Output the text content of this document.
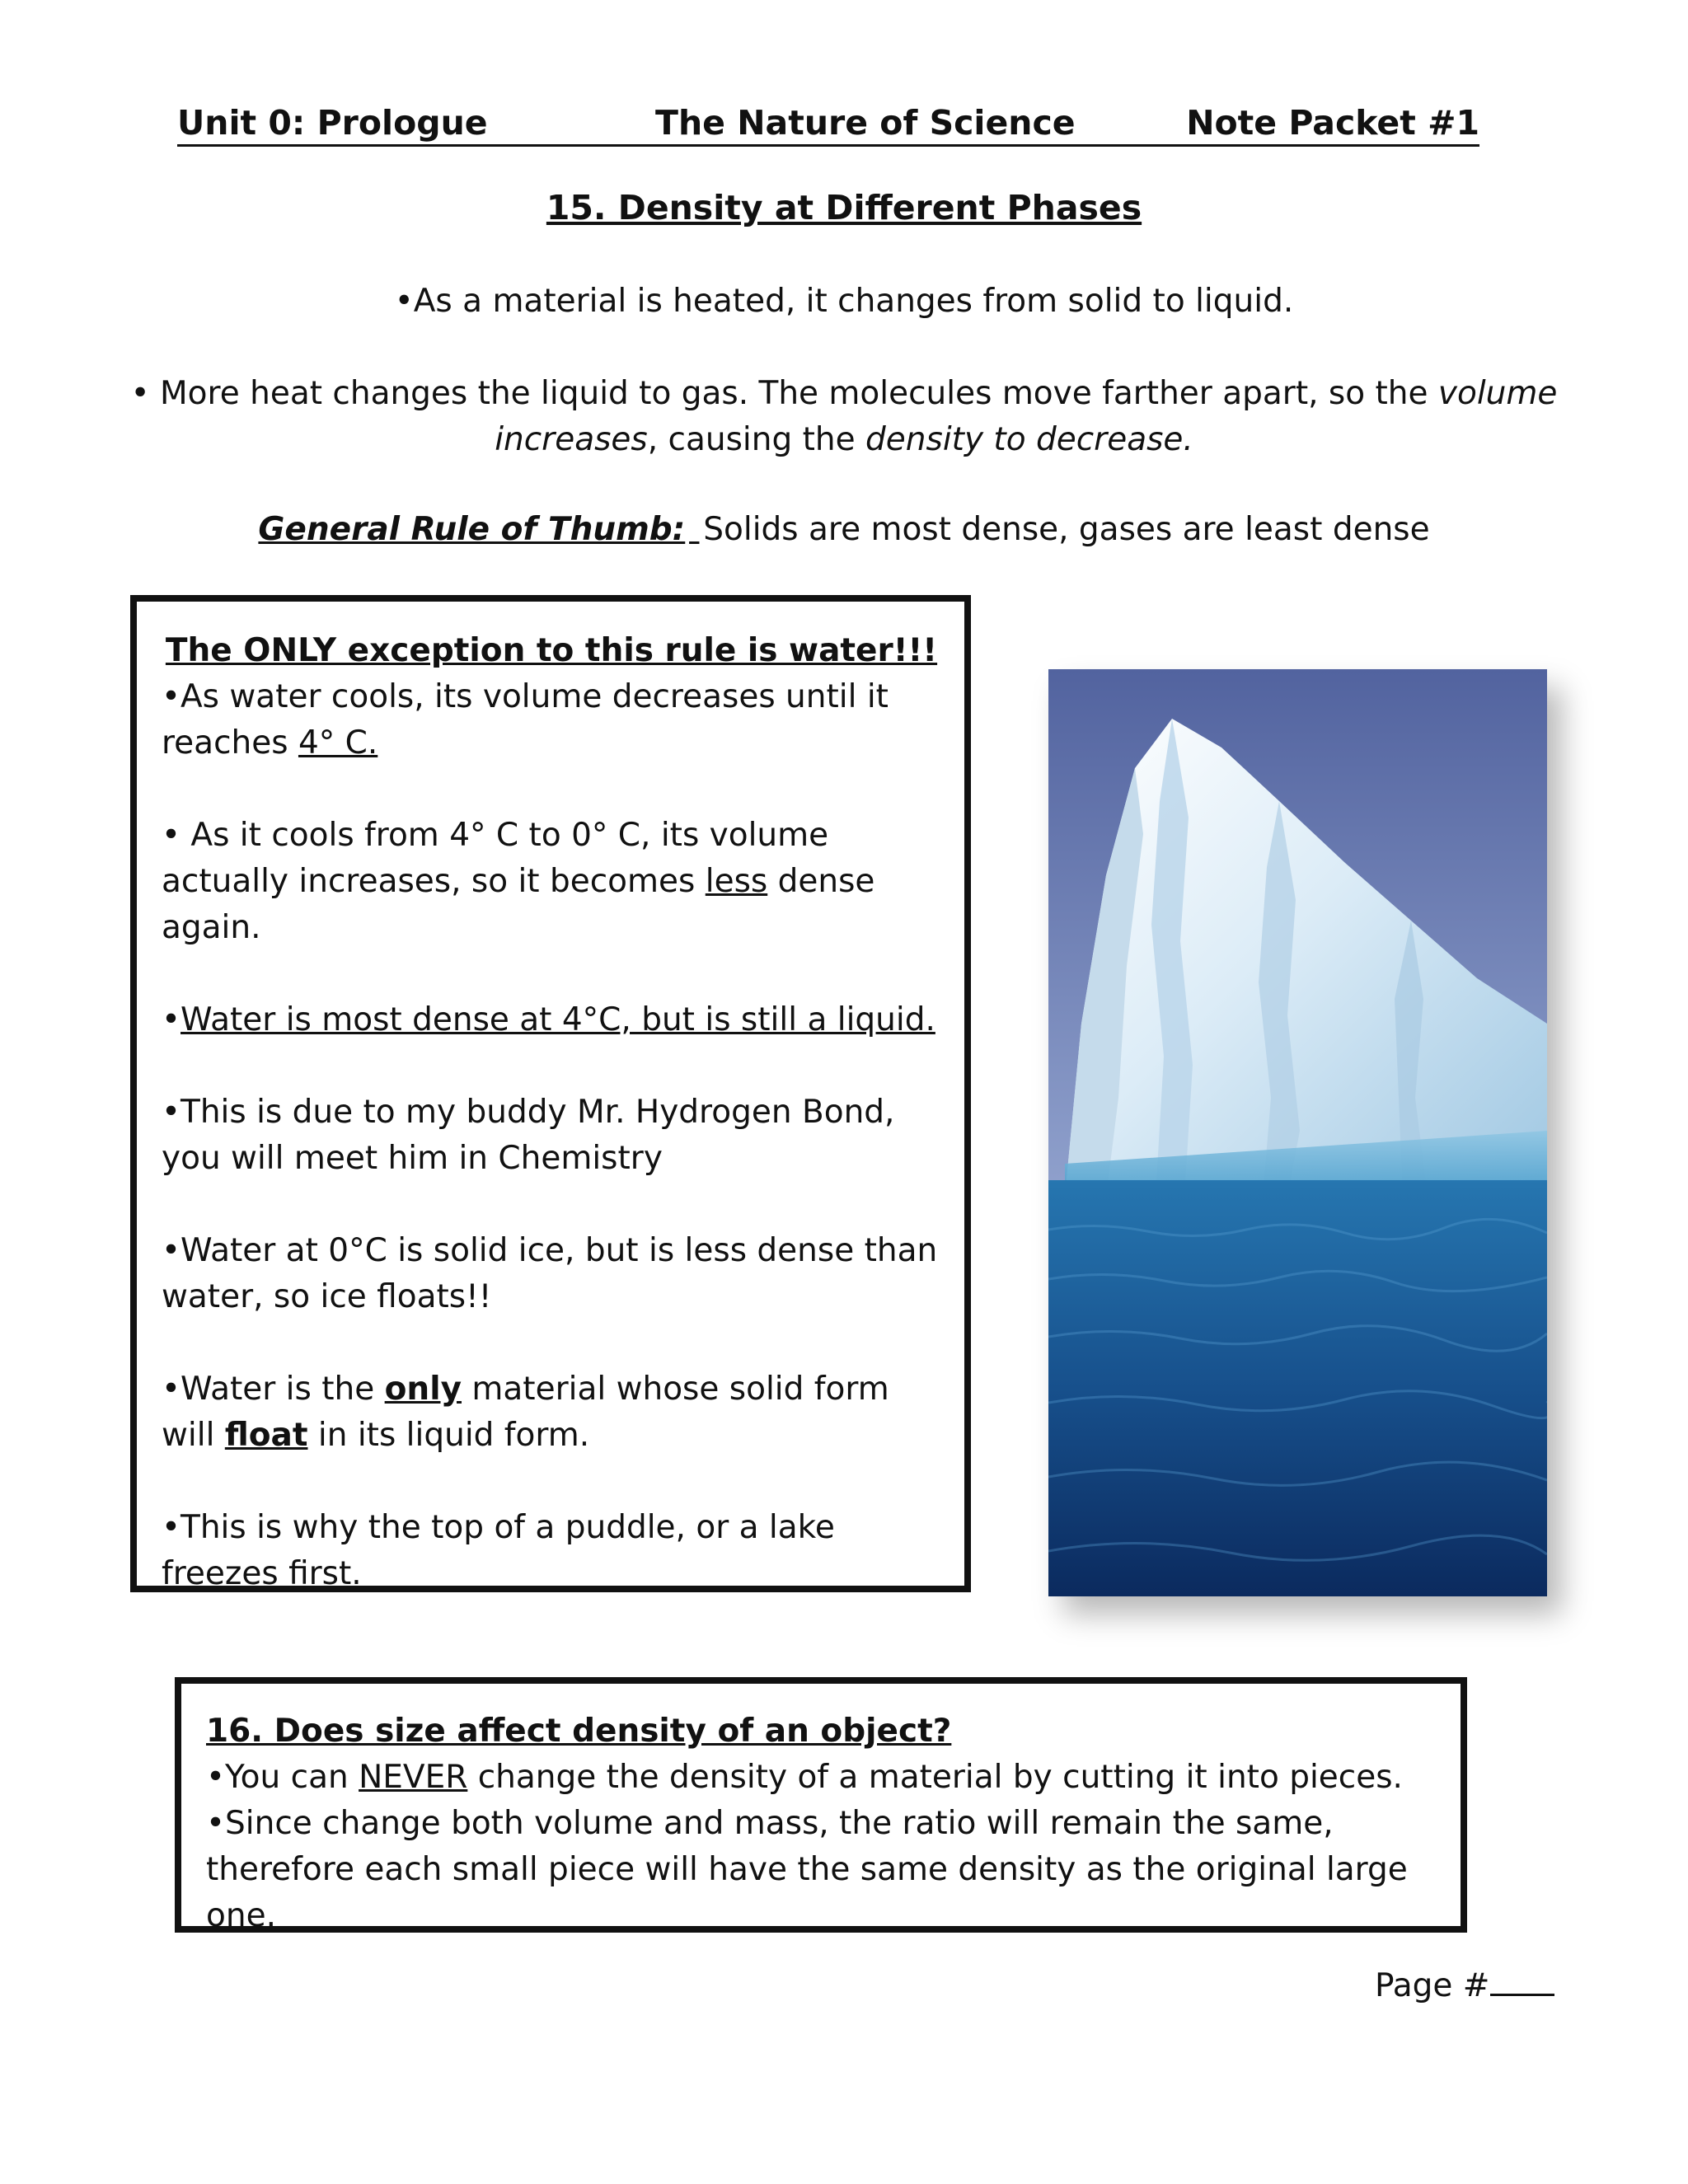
Unit 0: Prologue	The Nature of Science	Note Packet #1
15. Density at Different Phases
•As a material is heated, it changes from solid to liquid.
• More heat changes the liquid to gas. The molecules move farther apart, so the volume increases, causing the density to decrease.
General Rule of Thumb: Solids are most dense, gases are least dense
The ONLY exception to this rule is water!!!

•As water cools, its volume decreases until it reaches 4° C.

• As it cools from 4° C to 0° C, its volume actually increases, so it becomes less dense again.

•Water is most dense at 4°C, but is still a liquid.

•This is due to my buddy Mr. Hydrogen Bond, you will meet him in Chemistry

•Water at 0°C is solid ice, but is less dense than water, so ice floats!!

•Water is the only material whose solid form will float in its liquid form.

•This is why the top of a puddle, or a lake freezes first.

16. Does size affect density of an object?
•You can NEVER change the density of a material by cutting it into pieces.
•Since change both volume and mass, the ratio will remain the same, therefore each small piece will have the same density as the original large one.
Page #
